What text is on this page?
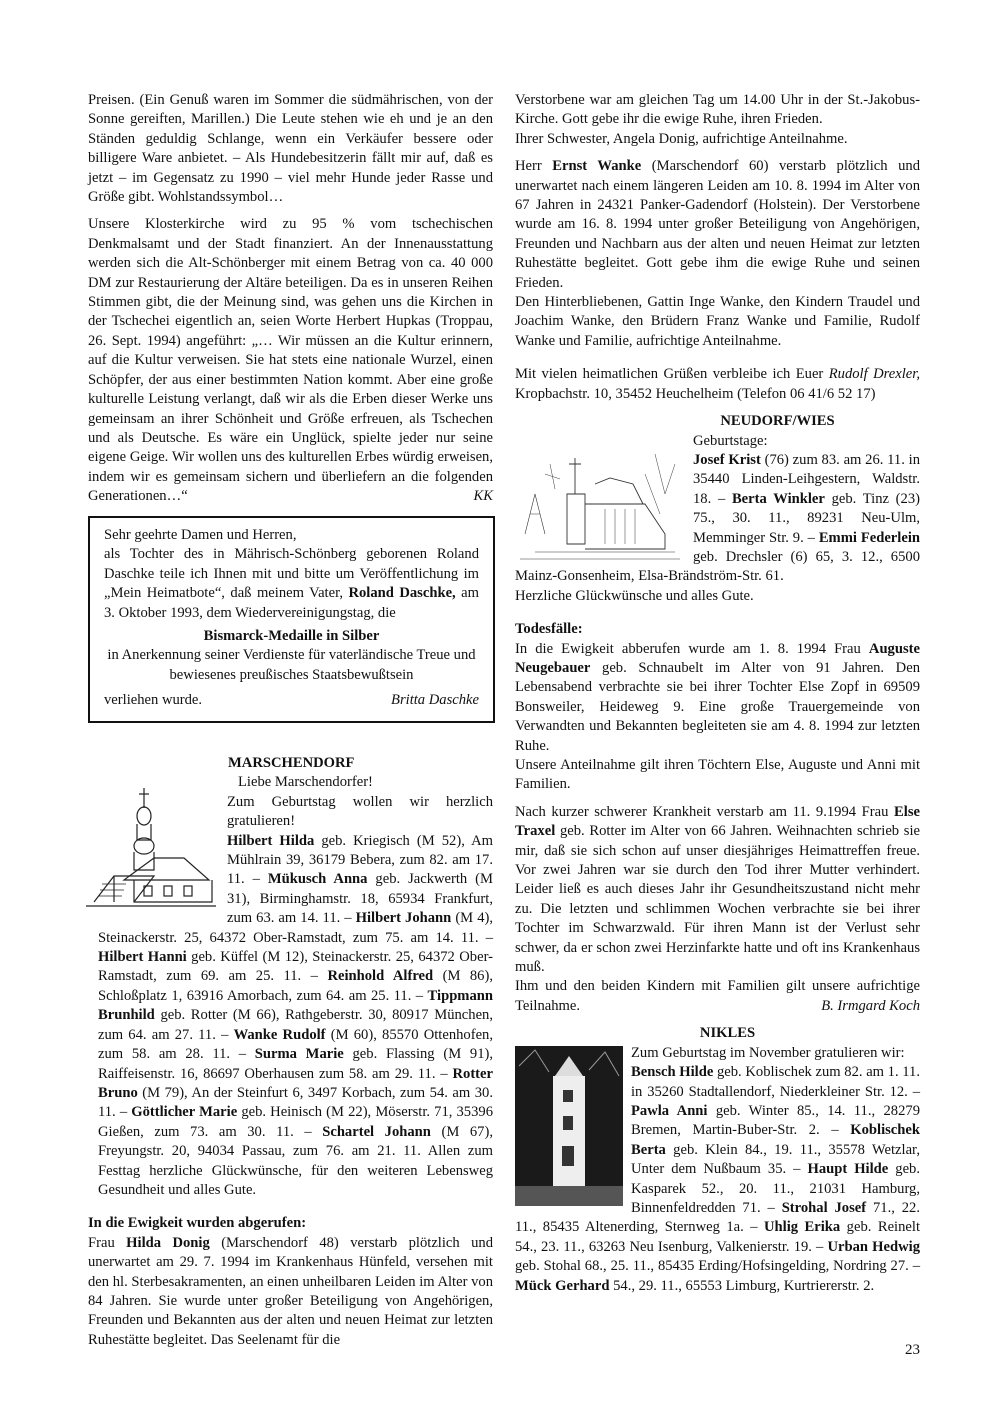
Preisen. (Ein Genuß waren im Sommer die südmährischen, von der Sonne gereiften, Marillen.) Die Leute stehen wie eh und je an den Ständen geduldig Schlange, wenn ein Verkäufer bessere oder billigere Ware anbietet. – Als Hundebesitzerin fällt mir auf, daß es jetzt – im Gegensatz zu 1990 – viel mehr Hunde jeder Rasse und Größe gibt. Wohlstandssymbol…

Unsere Klosterkirche wird zu 95 % vom tschechischen Denkmalsamt und der Stadt finanziert. An der Innenausstattung werden sich die Alt-Schönberger mit einem Betrag von ca. 40 000 DM zur Restaurierung der Altäre beteiligen. Da es in unseren Reihen Stimmen gibt, die der Meinung sind, was gehen uns die Kirchen in der Tschechei eigentlich an, seien Worte Herbert Hupkas (Troppau, 26. Sept. 1994) angeführt: „… Wir müssen an die Kultur erinnern, auf die Kultur verweisen. Sie hat stets eine nationale Wurzel, einen Schöpfer, der aus einer bestimmten Nation kommt. Aber eine große kulturelle Leistung verlangt, daß wir als die Erben dieser Werke uns gemeinsam an ihrer Schönheit und Größe erfreuen, als Tschechen und als Deutsche. Es wäre ein Unglück, spielte jeder nur seine eigene Geige. Wir wollen uns des kulturellen Erbes würdig erweisen, indem wir es gemeinsam sichern und überliefern an die folgenden Generationen…“	KK

Sehr geehrte Damen und Herren,
als Tochter des in Mährisch-Schönberg geborenen Roland Daschke teile ich Ihnen mit und bitte um Veröffentlichung im „Mein Heimatbote“, daß meinem Vater, Roland Daschke, am 3. Oktober 1993, dem Wiedervereinigungstag, die
Bismarck-Medaille in Silber
in Anerkennung seiner Verdienste für vaterländische Treue und bewiesenes preußisches Staatsbewußtsein
verliehen wurde.	Britta Daschke

MARSCHENDORF

Liebe Marschendorfer!

Zum Geburtstag wollen wir herzlich gratulieren!
Hilbert Hilda geb. Kriegisch (M 52), Am Mühlrain 39, 36179 Bebera, zum 82. am 17. 11. – Mükusch Anna geb. Jackwerth (M 31), Birminghamstr. 18, 65934 Frankfurt, zum 63. am 14. 11. – Hilbert Johann (M 4), Steinackerstr. 25, 64372 Ober-Ramstadt, zum 75. am 14. 11. – Hilbert Hanni geb. Küffel (M 12), Steinackerstr. 25, 64372 Ober-Ramstadt, zum 69. am 25. 11. – Reinhold Alfred (M 86), Schloßplatz 1, 63916 Amorbach, zum 64. am 25. 11. – Tippmann Brunhild geb. Rotter (M 66), Rathgeberstr. 30, 80917 München, zum 64. am 27. 11. – Wanke Rudolf (M 60), 85570 Ottenhofen, zum 58. am 28. 11. – Surma Marie geb. Flassing (M 91), Raiffeisenstr. 16, 86697 Oberhausen zum 58. am 29. 11. – Rotter Bruno (M 79), An der Steinfurt 6, 3497 Korbach, zum 54. am 30. 11. – Göttlicher Marie geb. Heinisch (M 22), Möserstr. 71, 35396 Gießen, zum 73. am 30. 11. – Schartel Johann (M 67), Freyungstr. 20, 94034 Passau, zum 76. am 21. 11. Allen zum Festtag herzliche Glückwünsche, für den weiteren Lebensweg Gesundheit und alles Gute.

In die Ewigkeit wurden abgerufen:

Frau Hilda Donig (Marschendorf 48) verstarb plötzlich und unerwartet am 29. 7. 1994 im Krankenhaus Hünfeld, versehen mit den hl. Sterbesakramenten, an einen unheilbaren Leiden im Alter von 84 Jahren. Sie wurde unter großer Beteiligung von Angehörigen, Freunden und Bekannten aus der alten und neuen Heimat zur letzten Ruhestätte begleitet. Das Seelenamt für die

Verstorbene war am gleichen Tag um 14.00 Uhr in der St.-Jakobus-Kirche. Gott gebe ihr die ewige Ruhe, ihren Frieden.

Ihrer Schwester, Angela Donig, aufrichtige Anteilnahme.

Herr Ernst Wanke (Marschendorf 60) verstarb plötzlich und unerwartet nach einem längeren Leiden am 10. 8. 1994 im Alter von 67 Jahren in 24321 Panker-Gadendorf (Holstein). Der Verstorbene wurde am 16. 8. 1994 unter großer Beteiligung von Angehörigen, Freunden und Nachbarn aus der alten und neuen Heimat zur letzten Ruhestätte begleitet. Gott gebe ihm die ewige Ruhe und seinen Frieden.

Den Hinterbliebenen, Gattin Inge Wanke, den Kindern Traudel und Joachim Wanke, den Brüdern Franz Wanke und Familie, Rudolf Wanke und Familie, aufrichtige Anteilnahme.

Mit vielen heimatlichen Grüßen verbleibe ich Euer Rudolf Drexler, Kropbachstr. 10, 35452 Heuchelheim (Telefon 06 41/6 52 17)

NEUDORF/WIES

Geburtstage:

Josef Krist (76) zum 83. am 26. 11. in 35440 Linden-Leihgestern, Waldstr. 18. – Berta Winkler geb. Tinz (23) 75., 30. 11., 89231 Neu-Ulm, Memminger Str. 9. – Emmi Federlein geb. Drechsler (6) 65, 3. 12., 6500 Mainz-Gonsenheim, Elsa-Brändström-Str. 61.

Herzliche Glückwünsche und alles Gute.

Todesfälle:

In die Ewigkeit abberufen wurde am 1. 8. 1994 Frau Auguste Neugebauer geb. Schnaubelt im Alter von 91 Jahren. Den Lebensabend verbrachte sie bei ihrer Tochter Else Zopf in 69509 Bonsweiler, Heideweg 9. Eine große Trauergemeinde von Verwandten und Bekannten begleiteten sie am 4. 8. 1994 zur letzten Ruhe.

Unsere Anteilnahme gilt ihren Töchtern Else, Auguste und Anni mit Familien.

Nach kurzer schwerer Krankheit verstarb am 11. 9.1994 Frau Else Traxel geb. Rotter im Alter von 66 Jahren. Weihnachten schrieb sie mir, daß sie sich schon auf unser diesjähriges Heimattreffen freue. Vor zwei Jahren war sie durch den Tod ihrer Mutter verhindert. Leider ließ es auch dieses Jahr ihr Gesundheitszustand nicht mehr zu. Die letzten und schlimmen Wochen verbrachte sie bei ihrer Tochter im Schwarzwald. Für ihren Mann ist der Verlust sehr schwer, da er schon zwei Herzinfarkte hatte und oft ins Krankenhaus muß.

Ihm und den beiden Kindern mit Familien gilt unsere aufrichtige Teilnahme.	B. Irmgard Koch

NIKLES

Zum Geburtstag im November gratulieren wir:

Bensch Hilde geb. Koblischek zum 82. am 1. 11. in 35260 Stadtallendorf, Niederkleiner Str. 12. – Pawla Anni geb. Winter 85., 14. 11., 28279 Bremen, Martin-Buber-Str. 2. – Koblischek Berta geb. Klein 84., 19. 11., 35578 Wetzlar, Unter dem Nußbaum 35. – Haupt Hilde geb. Kasparek 52., 20. 11., 21031 Hamburg, Binnenfeldredden 71. – Strohal Josef 71., 22. 11., 85435 Altenerding, Sternweg 1a. – Uhlig Erika geb. Reinelt 54., 23. 11., 63263 Neu Isenburg, Valkenierstr. 19. – Urban Hedwig geb. Stohal 68., 25. 11., 85435 Erding/Hofsingelding, Nordring 27. – Mück Gerhard 54., 29. 11., 65553 Limburg, Kurtriererstr. 2.

23
